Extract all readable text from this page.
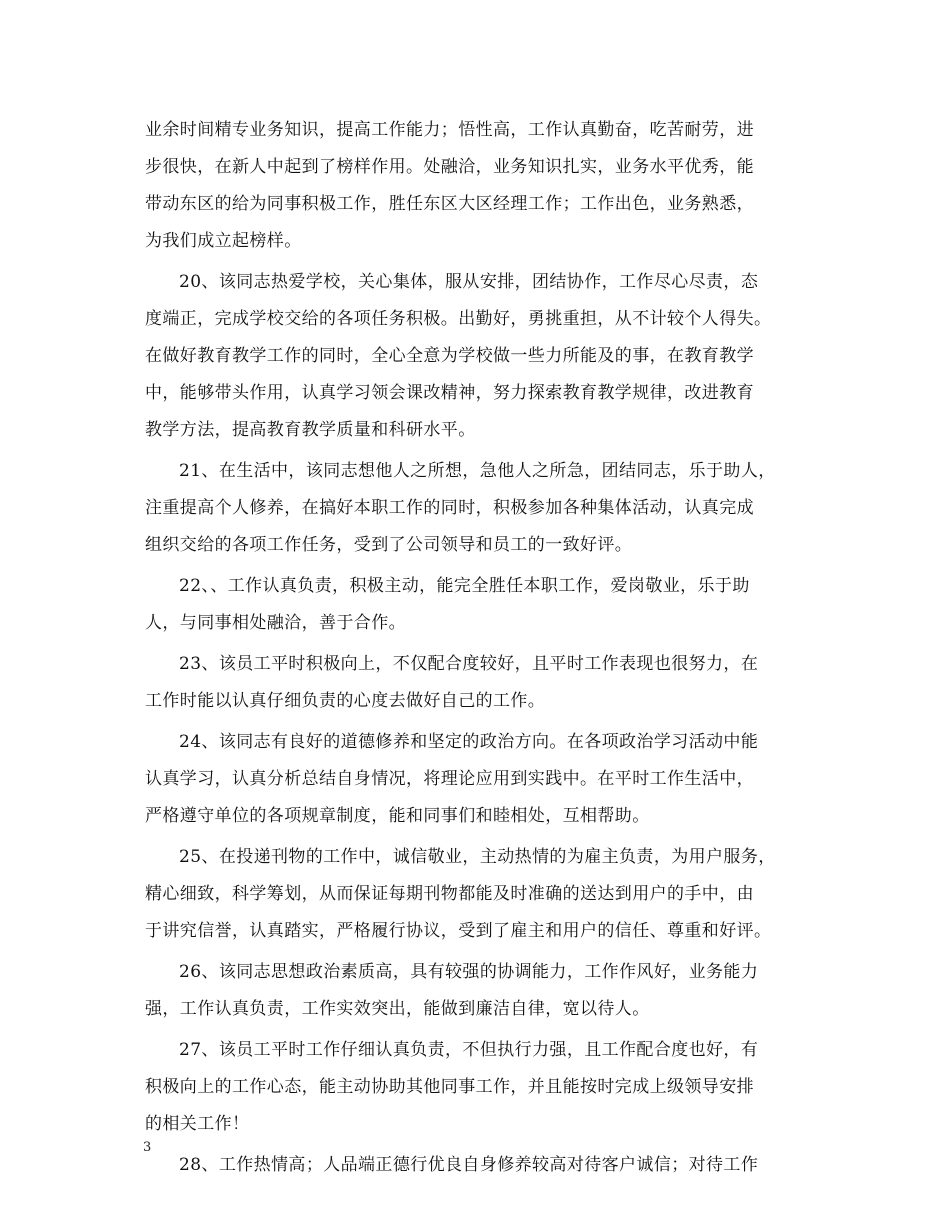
业余时间精专业务知识，提高工作能力；悟性高，工作认真勤奋，吃苦耐劳，进
步很快，在新人中起到了榜样作用。处融洽，业务知识扎实，业务水平优秀，能
带动东区的给为同事积极工作，胜任东区大区经理工作；工作出色，业务熟悉，
为我们成立起榜样。
20、该同志热爱学校，关心集体，服从安排，团结协作，工作尽心尽责，态
度端正，完成学校交给的各项任务积极。出勤好，勇挑重担，从不计较个人得失。
在做好教育教学工作的同时，全心全意为学校做一些力所能及的事，在教育教学
中，能够带头作用，认真学习领会课改精神，努力探索教育教学规律，改进教育
教学方法，提高教育教学质量和科研水平。
21、在生活中，该同志想他人之所想，急他人之所急，团结同志，乐于助人，
注重提高个人修养，在搞好本职工作的同时，积极参加各种集体活动，认真完成
组织交给的各项工作任务，受到了公司领导和员工的一致好评。
22、、工作认真负责，积极主动，能完全胜任本职工作，爱岗敬业，乐于助
人，与同事相处融洽，善于合作。
23、该员工平时积极向上，不仅配合度较好，且平时工作表现也很努力，在
工作时能以认真仔细负责的心度去做好自己的工作。
24、该同志有良好的道德修养和坚定的政治方向。在各项政治学习活动中能
认真学习，认真分析总结自身情况，将理论应用到实践中。在平时工作生活中，
严格遵守单位的各项规章制度，能和同事们和睦相处，互相帮助。
25、在投递刊物的工作中，诚信敬业，主动热情的为雇主负责，为用户服务，
精心细致，科学筹划，从而保证每期刊物都能及时准确的送达到用户的手中，由
于讲究信誉，认真踏实，严格履行协议，受到了雇主和用户的信任、尊重和好评。
26、该同志思想政治素质高，具有较强的协调能力，工作作风好，业务能力
强，工作认真负责，工作实效突出，能做到廉洁自律，宽以待人。
27、该员工平时工作仔细认真负责，不但执行力强，且工作配合度也好，有
积极向上的工作心态，能主动协助其他同事工作，并且能按时完成上级领导安排
的相关工作！
28、工作热情高；人品端正德行优良自身修养较高对待客户诚信；对待工作
3
